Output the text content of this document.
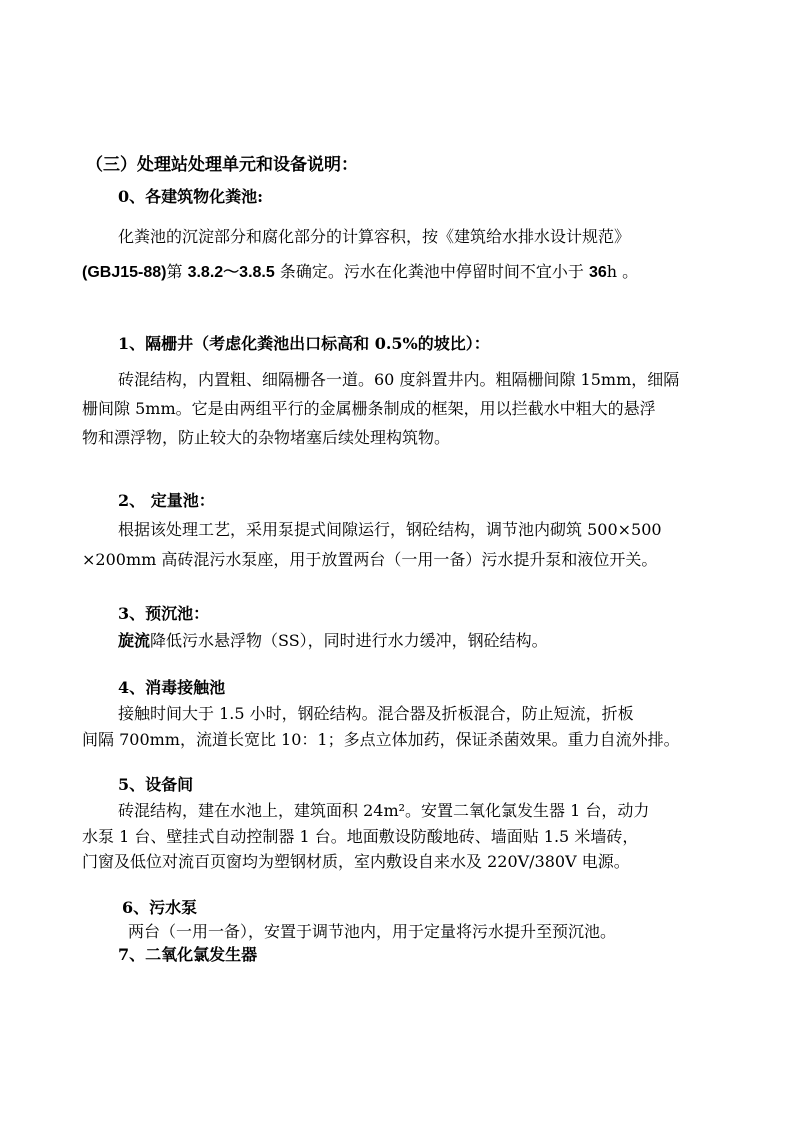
（三）处理站处理单元和设备说明：
0、各建筑物化粪池:
化粪池的沉淀部分和腐化部分的计算容积，按《建筑给水排水设计规范》
(GBJ15-88)第 3.8.2～3.8.5 条确定。污水在化粪池中停留时间不宜小于 36h 。
1、隔栅井（考虑化粪池出口标高和 0.5%的坡比）：
砖混结构，内置粗、细隔栅各一道。60 度斜置井内。粗隔栅间隙 15mm，细隔
栅间隙 5mm。它是由两组平行的金属栅条制成的框架，用以拦截水中粗大的悬浮
物和漂浮物，防止较大的杂物堵塞后续处理构筑物。
2、 定量池：
根据该处理工艺，采用泵提式间隙运行，钢砼结构，调节池内砌筑 500×500
×200mm 高砖混污水泵座，用于放置两台（一用一备）污水提升泵和液位开关。
3、预沉池：
旋流降低污水悬浮物（SS），同时进行水力缓冲，钢砼结构。
4、消毒接触池
接触时间大于 1.5 小时，钢砼结构。混合器及折板混合，防止短流，折板
间隔 700mm，流道长宽比 10：1；多点立体加药，保证杀菌效果。重力自流外排。
5、设备间
砖混结构，建在水池上，建筑面积 24m²。安置二氧化氯发生器 1 台，动力
水泵 1 台、壁挂式自动控制器 1 台。地面敷设防酸地砖、墙面贴 1.5 米墙砖，
门窗及低位对流百页窗均为塑钢材质，室内敷设自来水及 220V/380V 电源。
6、污水泵
两台（一用一备），安置于调节池内，用于定量将污水提升至预沉池。
7、二氧化氯发生器
